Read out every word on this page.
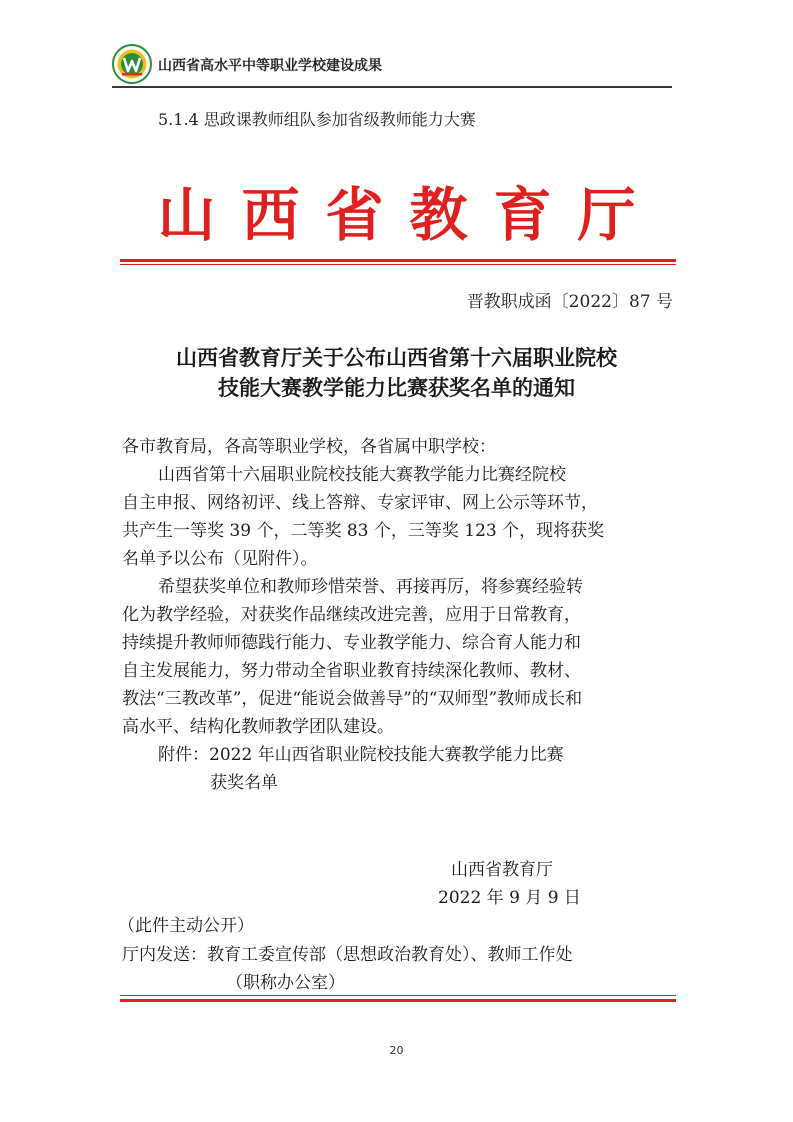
山西省高水平中等职业学校建设成果
5.1.4 思政课教师组队参加省级教师能力大赛
山西省教育厅
晋教职成函〔2022〕87 号
山西省教育厅关于公布山西省第十六届职业院校
技能大赛教学能力比赛获奖名单的通知
各市教育局，各高等职业学校，各省属中职学校：
山西省第十六届职业院校技能大赛教学能力比赛经院校
自主申报、网络初评、线上答辩、专家评审、网上公示等环节，
共产生一等奖 39 个，二等奖 83 个，三等奖 123 个，现将获奖
名单予以公布（见附件）。
希望获奖单位和教师珍惜荣誉、再接再厉，将参赛经验转
化为教学经验，对获奖作品继续改进完善，应用于日常教育，
持续提升教师师德践行能力、专业教学能力、综合育人能力和
自主发展能力，努力带动全省职业教育持续深化教师、教材、
教法“三教改革”，促进“能说会做善导”的“双师型”教师成长和
高水平、结构化教师教学团队建设。
附件：2022 年山西省职业院校技能大赛教学能力比赛
获奖名单
山西省教育厅
2022 年 9 月 9 日
（此件主动公开）
厅内发送：教育工委宣传部（思想政治教育处）、教师工作处
（职称办公室）
20
